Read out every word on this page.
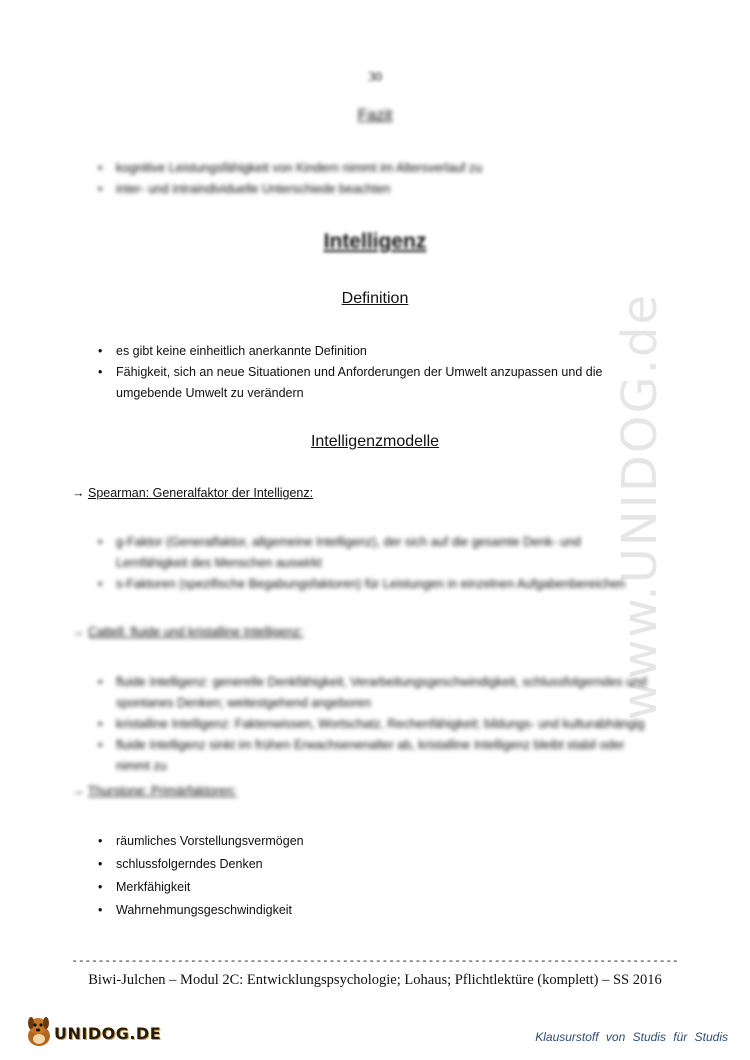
www.UNIDOG.de
30
Fazit
• kognitive Leistungsfähigkeit von Kindern nimmt im Altersverlauf zu
• inter- und intraindividuelle Unterschiede beachten
Intelligenz
Definition
• es gibt keine einheitlich anerkannte Definition
• Fähigkeit, sich an neue Situationen und Anforderungen der Umwelt anzupassen und die
umgebende Umwelt zu verändern
Intelligenzmodelle
→ Spearman: Generalfaktor der Intelligenz:
• g-Faktor (Generalfaktor, allgemeine Intelligenz), der sich auf die gesamte Denk- und
Lernfähigkeit des Menschen auswirkt
• s-Faktoren (spezifische Begabungsfaktoren) für Leistungen in einzelnen Aufgabenbereichen
→ Cattell: fluide und kristalline Intelligenz:
• fluide Intelligenz: generelle Denkfähigkeit, Verarbeitungsgeschwindigkeit, schlussfolgerndes und
spontanes Denken; weitestgehend angeboren
• kristalline Intelligenz: Faktenwissen, Wortschatz, Rechenfähigkeit; bildungs- und kulturabhängig
• fluide Intelligenz sinkt im frühen Erwachsenenalter ab, kristalline Intelligenz bleibt stabil oder
nimmt zu
→ Thurstone: Primärfaktoren:
• räumliches Vorstellungsvermögen
• schlussfolgerndes Denken
• Merkfähigkeit
• Wahrnehmungsgeschwindigkeit
--------------------------------------------------------------------------------------------
Biwi-Julchen – Modul 2C: Entwicklungspsychologie; Lohaus; Pflichtlektüre (komplett) – SS 2016
UNIDOG.DE	Klausurstoff von Studis für Studis
